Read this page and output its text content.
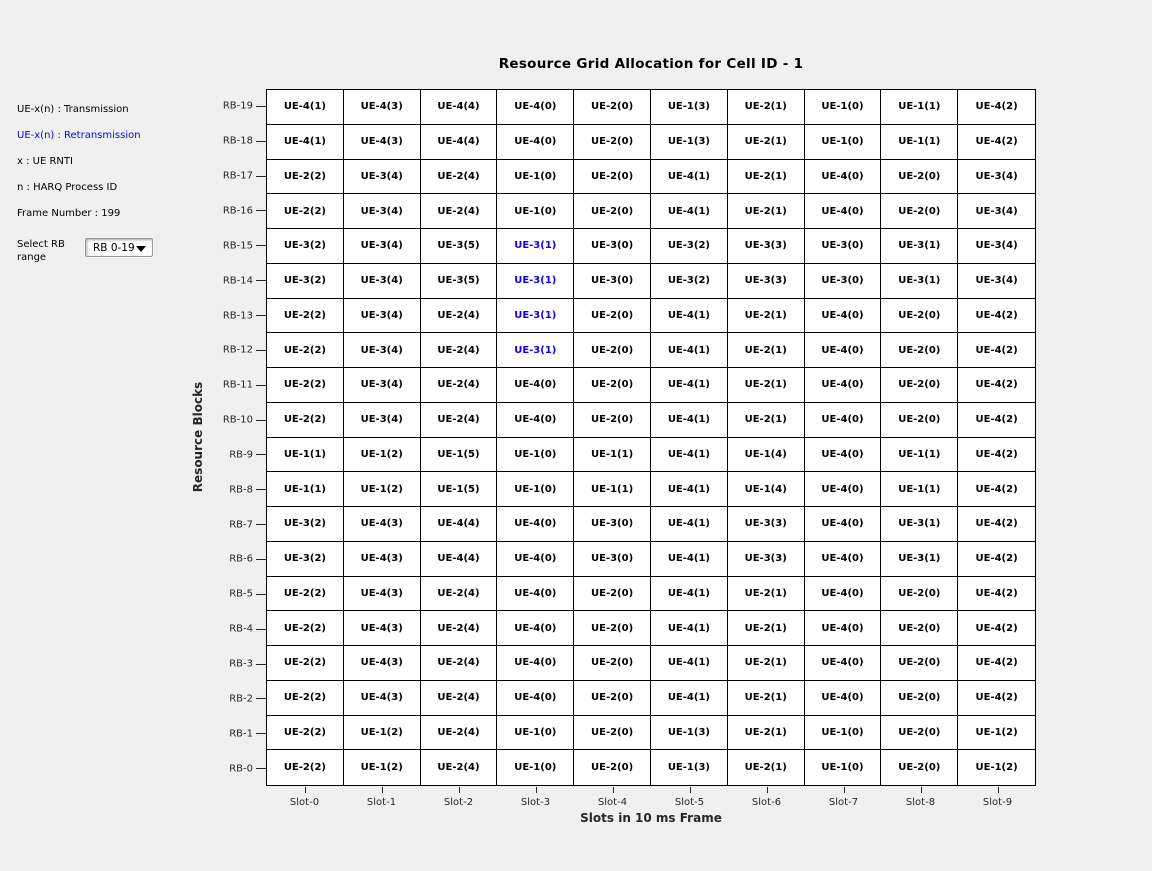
Resource Grid Allocation for Cell ID - 1
UE-x(n) : Transmission
UE-x(n) : Retransmission
x : UE RNTI
n : HARQ Process ID
Frame Number : 199
Select RB
range
RB 0-19
Resource Blocks
Slots in 10 ms Frame
UE-4(1)	UE-4(3)	UE-4(4)	UE-4(0)	UE-2(0)	UE-1(3)	UE-2(1)	UE-1(0)	UE-1(1)	UE-4(2)
UE-4(1)	UE-4(3)	UE-4(4)	UE-4(0)	UE-2(0)	UE-1(3)	UE-2(1)	UE-1(0)	UE-1(1)	UE-4(2)
UE-2(2)	UE-3(4)	UE-2(4)	UE-1(0)	UE-2(0)	UE-4(1)	UE-2(1)	UE-4(0)	UE-2(0)	UE-3(4)
UE-2(2)	UE-3(4)	UE-2(4)	UE-1(0)	UE-2(0)	UE-4(1)	UE-2(1)	UE-4(0)	UE-2(0)	UE-3(4)
UE-3(2)	UE-3(4)	UE-3(5)	UE-3(1)	UE-3(0)	UE-3(2)	UE-3(3)	UE-3(0)	UE-3(1)	UE-3(4)
UE-3(2)	UE-3(4)	UE-3(5)	UE-3(1)	UE-3(0)	UE-3(2)	UE-3(3)	UE-3(0)	UE-3(1)	UE-3(4)
UE-2(2)	UE-3(4)	UE-2(4)	UE-3(1)	UE-2(0)	UE-4(1)	UE-2(1)	UE-4(0)	UE-2(0)	UE-4(2)
UE-2(2)	UE-3(4)	UE-2(4)	UE-3(1)	UE-2(0)	UE-4(1)	UE-2(1)	UE-4(0)	UE-2(0)	UE-4(2)
UE-2(2)	UE-3(4)	UE-2(4)	UE-4(0)	UE-2(0)	UE-4(1)	UE-2(1)	UE-4(0)	UE-2(0)	UE-4(2)
UE-2(2)	UE-3(4)	UE-2(4)	UE-4(0)	UE-2(0)	UE-4(1)	UE-2(1)	UE-4(0)	UE-2(0)	UE-4(2)
UE-1(1)	UE-1(2)	UE-1(5)	UE-1(0)	UE-1(1)	UE-4(1)	UE-1(4)	UE-4(0)	UE-1(1)	UE-4(2)
UE-1(1)	UE-1(2)	UE-1(5)	UE-1(0)	UE-1(1)	UE-4(1)	UE-1(4)	UE-4(0)	UE-1(1)	UE-4(2)
UE-3(2)	UE-4(3)	UE-4(4)	UE-4(0)	UE-3(0)	UE-4(1)	UE-3(3)	UE-4(0)	UE-3(1)	UE-4(2)
UE-3(2)	UE-4(3)	UE-4(4)	UE-4(0)	UE-3(0)	UE-4(1)	UE-3(3)	UE-4(0)	UE-3(1)	UE-4(2)
UE-2(2)	UE-4(3)	UE-2(4)	UE-4(0)	UE-2(0)	UE-4(1)	UE-2(1)	UE-4(0)	UE-2(0)	UE-4(2)
UE-2(2)	UE-4(3)	UE-2(4)	UE-4(0)	UE-2(0)	UE-4(1)	UE-2(1)	UE-4(0)	UE-2(0)	UE-4(2)
UE-2(2)	UE-4(3)	UE-2(4)	UE-4(0)	UE-2(0)	UE-4(1)	UE-2(1)	UE-4(0)	UE-2(0)	UE-4(2)
UE-2(2)	UE-4(3)	UE-2(4)	UE-4(0)	UE-2(0)	UE-4(1)	UE-2(1)	UE-4(0)	UE-2(0)	UE-4(2)
UE-2(2)	UE-1(2)	UE-2(4)	UE-1(0)	UE-2(0)	UE-1(3)	UE-2(1)	UE-1(0)	UE-2(0)	UE-1(2)
UE-2(2)	UE-1(2)	UE-2(4)	UE-1(0)	UE-2(0)	UE-1(3)	UE-2(1)	UE-1(0)	UE-2(0)	UE-1(2)
RB-19
RB-18
RB-17
RB-16
RB-15
RB-14
RB-13
RB-12
RB-11
RB-10
RB-9
RB-8
RB-7
RB-6
RB-5
RB-4
RB-3
RB-2
RB-1
RB-0
Slot-0	Slot-1	Slot-2	Slot-3	Slot-4	Slot-5	Slot-6	Slot-7	Slot-8	Slot-9
